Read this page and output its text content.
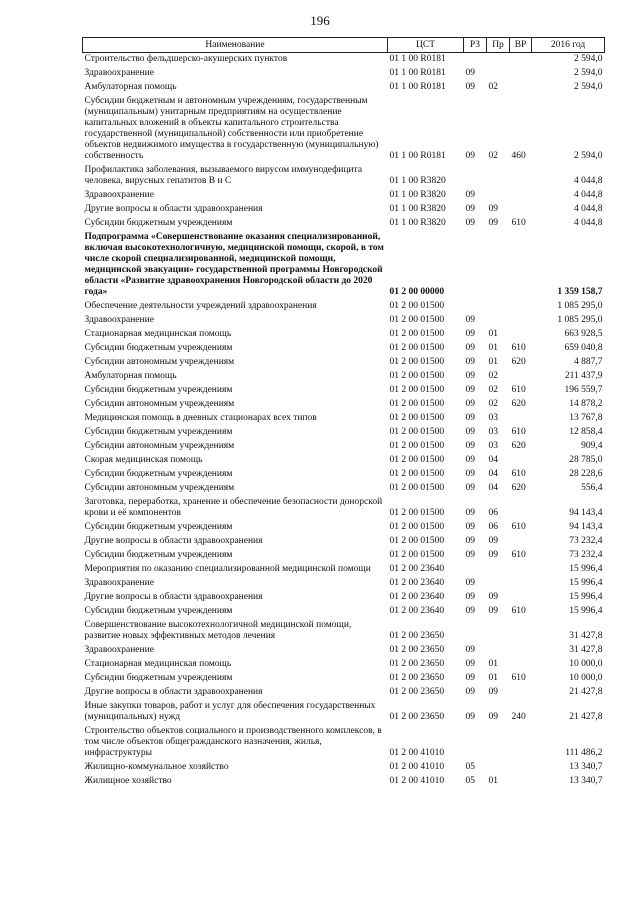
196
Наименование	ЦСТ	РЗ	Пр	ВР	2016 год
Строительство фельдшерско-акушерских пунктов	01 1 00 R0181				2 594,0
Здравоохранение	01 1 00 R0181	09			2 594,0
Амбулаторная помощь	01 1 00 R0181	09	02		2 594,0
Субсидии бюджетным и автономным учреждениям, государственным (муниципальным) унитарным предприятиям на осуществление капитальных вложений в объекты капитального строительства государственной (муниципальной) собственности или приобретение объектов недвижимого имущества в государственную (муниципальную) собственность	01 1 00 R0181	09	02	460	2 594,0
Профилактика заболевания, вызываемого вирусом иммунодефицита человека, вирусных гепатитов В и С	01 1 00 R3820				4 044,8
Здравоохранение	01 1 00 R3820	09			4 044,8
Другие вопросы в области здравоохранения	01 1 00 R3820	09	09		4 044,8
Субсидии бюджетным учреждениям	01 1 00 R3820	09	09	610	4 044,8
Подпрограмма «Совершенствование оказания специализированной, включая высокотехнологичную, медицинской помощи, скорой, в том числе скорой специализированной, медицинской помощи, медицинской эвакуации» государственной программы Новгородской области «Развитие здравоохранения Новгородской области до 2020 года»	01 2 00 00000				1 359 158,7
Обеспечение деятельности учреждений здравоохранения	01 2 00 01500				1 085 295,0
Здравоохранение	01 2 00 01500	09			1 085 295,0
Стационарная медицинская помощь	01 2 00 01500	09	01		663 928,5
Субсидии бюджетным учреждениям	01 2 00 01500	09	01	610	659 040,8
Субсидии автономным учреждениям	01 2 00 01500	09	01	620	4 887,7
Амбулаторная помощь	01 2 00 01500	09	02		211 437,9
Субсидии бюджетным учреждениям	01 2 00 01500	09	02	610	196 559,7
Субсидии автономным учреждениям	01 2 00 01500	09	02	620	14 878,2
Медицинская помощь в дневных стационарах всех типов	01 2 00 01500	09	03		13 767,8
Субсидии бюджетным учреждениям	01 2 00 01500	09	03	610	12 858,4
Субсидии автономным учреждениям	01 2 00 01500	09	03	620	909,4
Скорая медицинская помощь	01 2 00 01500	09	04		28 785,0
Субсидии бюджетным учреждениям	01 2 00 01500	09	04	610	28 228,6
Субсидии автономным учреждениям	01 2 00 01500	09	04	620	556,4
Заготовка, переработка, хранение и обеспечение безопасности донорской крови и её компонентов	01 2 00 01500	09	06		94 143,4
Субсидии бюджетным учреждениям	01 2 00 01500	09	06	610	94 143,4
Другие вопросы в области здравоохранения	01 2 00 01500	09	09		73 232,4
Субсидии бюджетным учреждениям	01 2 00 01500	09	09	610	73 232,4
Мероприятия по оказанию специализированной медицинской помощи	01 2 00 23640				15 996,4
Здравоохранение	01 2 00 23640	09			15 996,4
Другие вопросы в области здравоохранения	01 2 00 23640	09	09		15 996,4
Субсидии бюджетным учреждениям	01 2 00 23640	09	09	610	15 996,4
Совершенствование высокотехнологичной медицинской помощи, развитие новых эффективных методов лечения	01 2 00 23650				31 427,8
Здравоохранение	01 2 00 23650	09			31 427,8
Стационарная медицинская помощь	01 2 00 23650	09	01		10 000,0
Субсидии бюджетным учреждениям	01 2 00 23650	09	01	610	10 000,0
Другие вопросы в области здравоохранения	01 2 00 23650	09	09		21 427,8
Иные закупки товаров, работ и услуг для обеспечения государственных (муниципальных) нужд	01 2 00 23650	09	09	240	21 427,8
Строительство объектов социального и производственного комплексов, в том числе объектов общегражданского назначения, жилья, инфраструктуры	01 2 00 41010				111 486,2
Жилищно-коммунальное хозяйство	01 2 00 41010	05			13 340,7
Жилищное хозяйство	01 2 00 41010	05	01		13 340,7
